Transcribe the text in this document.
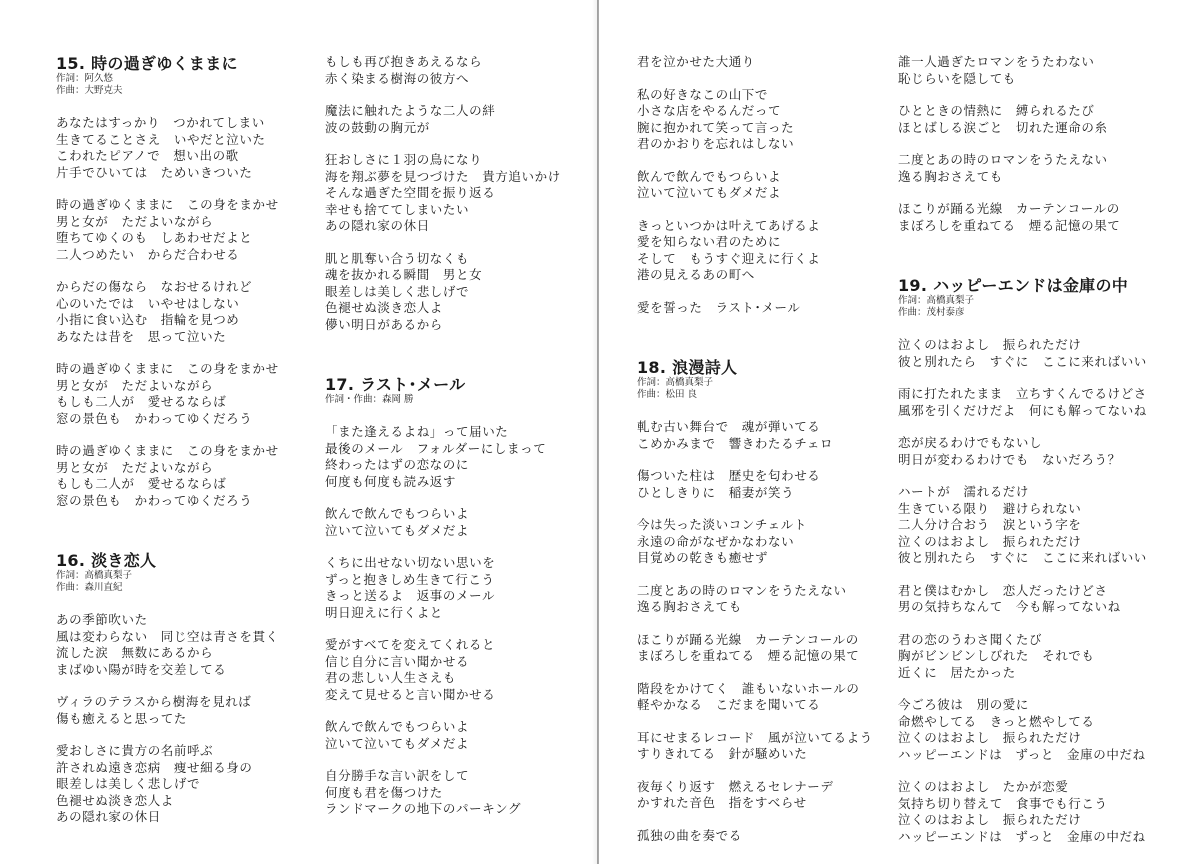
15. 時の過ぎゆくままに
作詞：阿久悠
作曲：大野克夫
あなたはすっかり　つかれてしまい
生きてることさえ　いやだと泣いた
こわれたピアノで　想い出の歌
片手でひいては　ためいきついた
時の過ぎゆくままに　この身をまかせ
男と女が　ただよいながら
堕ちてゆくのも　しあわせだよと
二人つめたい　からだ合わせる
からだの傷なら　なおせるけれど
心のいたでは　いやせはしない
小指に食い込む　指輪を見つめ
あなたは昔を　思って泣いた
時の過ぎゆくままに　この身をまかせ
男と女が　ただよいながら
もしも二人が　愛せるならば
窓の景色も　かわってゆくだろう
時の過ぎゆくままに　この身をまかせ
男と女が　ただよいながら
もしも二人が　愛せるならば
窓の景色も　かわってゆくだろう
16. 淡き恋人
作詞：高橋真梨子
作曲：森川直紀
あの季節吹いた
風は変わらない　同じ空は青さを貫く
流した涙　無数にあるから
まばゆい陽が時を交差してる
ヴィラのテラスから樹海を見れば
傷も癒えると思ってた
愛おしさに貴方の名前呼ぶ
許されぬ遠き恋病　痩せ細る身の
眼差しは美しく悲しげで
色褪せぬ淡き恋人よ
あの隠れ家の休日
もしも再び抱きあえるなら
赤く染まる樹海の彼方へ
魔法に触れたような二人の絆
波の鼓動の胸元が
狂おしさに１羽の鳥になり
海を翔ぶ夢を見つづけた　貴方追いかけ
そんな過ぎた空間を振り返る
幸せも捨ててしまいたい
あの隠れ家の休日
肌と肌奪い合う切なくも
魂を抜かれる瞬間　男と女
眼差しは美しく悲しげで
色褪せぬ淡き恋人よ
儚い明日があるから
17. ラスト･メール
作詞・作曲：森岡 勝
「また逢えるよね」って届いた
最後のメール　フォルダーにしまって
終わったはずの恋なのに
何度も何度も読み返す
飲んで飲んでもつらいよ
泣いて泣いてもダメだよ
くちに出せない切ない思いを
ずっと抱きしめ生きて行こう
きっと送るよ　返事のメール
明日迎えに行くよと
愛がすべてを変えてくれると
信じ自分に言い聞かせる
君の悲しい人生さえも
変えて見せると言い聞かせる
飲んで飲んでもつらいよ
泣いて泣いてもダメだよ
自分勝手な言い訳をして
何度も君を傷つけた
ランドマークの地下のパーキング
君を泣かせた大通り
私の好きなこの山下で
小さな店をやるんだって
腕に抱かれて笑って言った
君のかおりを忘れはしない
飲んで飲んでもつらいよ
泣いて泣いてもダメだよ
きっといつかは叶えてあげるよ
愛を知らない君のために
そして　もうすぐ迎えに行くよ
港の見えるあの町へ
愛を誓った　ラスト･メール
18. 浪漫詩人
作詞：高橋真梨子
作曲：松田 良
軋む古い舞台で　魂が弾いてる
こめかみまで　響きわたるチェロ
傷ついた柱は　歴史を匂わせる
ひとしきりに　稲妻が笑う
今は失った淡いコンチェルト
永遠の命がなぜかなわない
目覚めの乾きも癒せず
二度とあの時のロマンをうたえない
逸る胸おさえても
ほこりが踊る光線　カーテンコールの
まぼろしを重ねてる　煙る記憶の果て
階段をかけてく　誰もいないホールの
軽やかなる　こだまを聞いてる
耳にせまるレコード　風が泣いてるよう
すりきれてる　針が騒めいた
夜毎くり返す　燃えるセレナーデ
かすれた音色　指をすべらせ
孤独の曲を奏でる
誰一人過ぎたロマンをうたわない
恥じらいを隠しても
ひとときの情熱に　縛られるたび
ほとばしる涙ごと　切れた運命の糸
二度とあの時のロマンをうたえない
逸る胸おさえても
ほこりが踊る光線　カーテンコールの
まぼろしを重ねてる　煙る記憶の果て
19. ハッピーエンドは金庫の中
作詞：高橋真梨子
作曲：茂村泰彦
泣くのはおよし　振られただけ
彼と別れたら　すぐに　ここに来ればいい
雨に打たれたまま　立ちすくんでるけどさ
風邪を引くだけだよ　何にも解ってないね
恋が戻るわけでもないし
明日が変わるわけでも　ないだろう？
ハートが　濡れるだけ
生きている限り　避けられない
二人分け合おう　涙という字を
泣くのはおよし　振られただけ
彼と別れたら　すぐに　ここに来ればいい
君と僕はむかし　恋人だったけどさ
男の気持ちなんて　今も解ってないね
君の恋のうわさ聞くたび
胸がビンビンしびれた　それでも
近くに　居たかった
今ごろ彼は　別の愛に
命燃やしてる　きっと燃やしてる
泣くのはおよし　振られただけ
ハッピーエンドは　ずっと　金庫の中だね
泣くのはおよし　たかが恋愛
気持ち切り替えて　食事でも行こう
泣くのはおよし　振られただけ
ハッピーエンドは　ずっと　金庫の中だね
